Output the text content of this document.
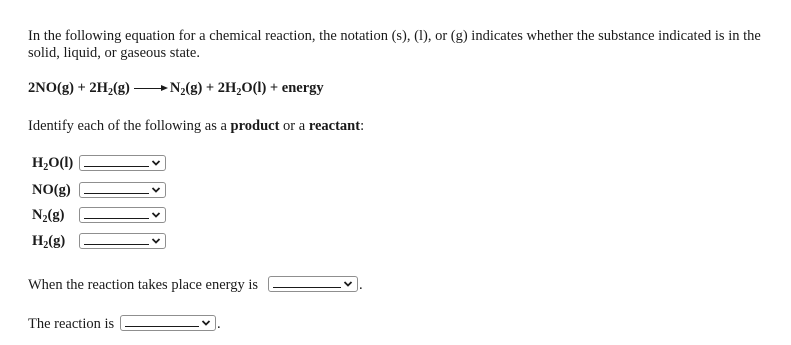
In the following equation for a chemical reaction, the notation (s), (l), or (g) indicates whether the substance indicated is in the solid, liquid, or gaseous state.
$2NO(g) + 2H_2(g)$	$N_2(g) + 2H_2O(l)$ + energy
Identify each of the following as a product or a reactant:
$H_2O(l)$
NO(g)
$N_2(g)$
$H_2(g)$
When the reaction takes place energy is	.
The reaction is	.
